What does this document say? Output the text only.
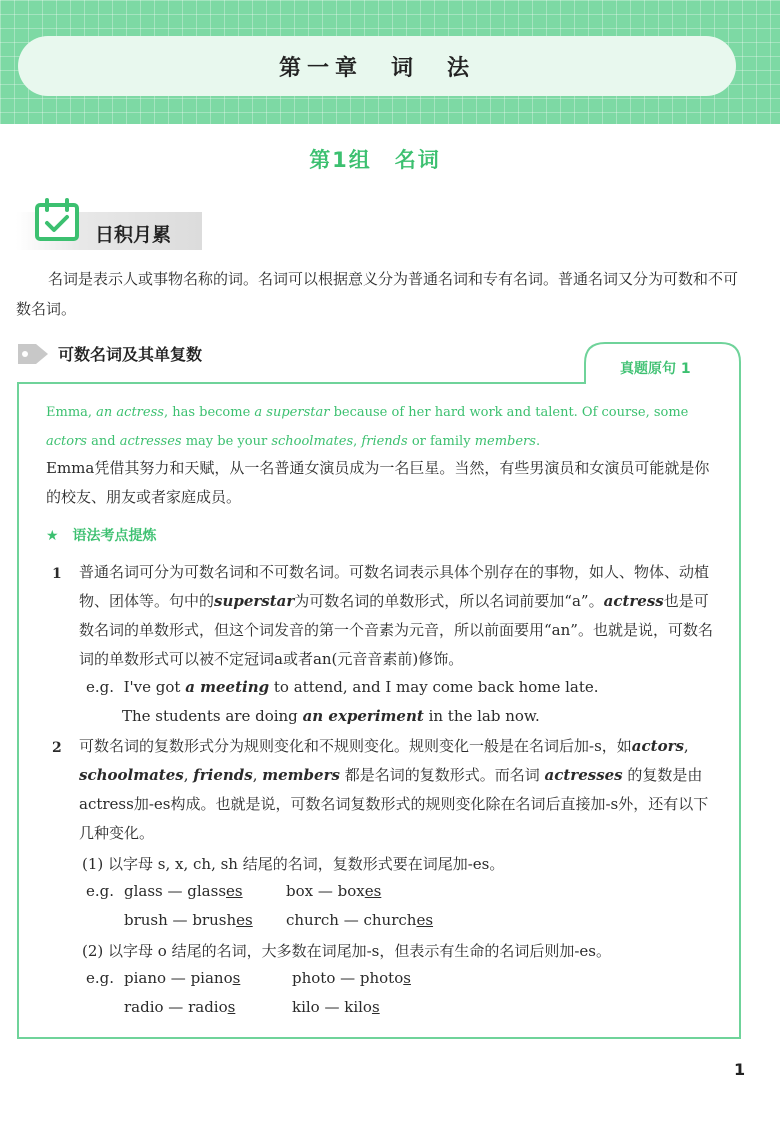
第一章　词　法
第1组　名词
日积月累
名词是表示人或事物名称的词。名词可以根据意义分为普通名词和专有名词。普通名词又分为可数和不可数名词。
可数名词及其单复数
真题原句 1
Emma, an actress, has become a superstar because of her hard work and talent. Of course, some actors and actresses may be your schoolmates, friends or family members.
Emma凭借其努力和天赋，从一名普通女演员成为一名巨星。当然，有些男演员和女演员可能就是你的校友、朋友或者家庭成员。
★　语法考点提炼
1 普通名词可分为可数名词和不可数名词。可数名词表示具体个别存在的事物，如人、物体、动植物、团体等。句中的superstar为可数名词的单数形式，所以名词前要加“a”。actress也是可数名词的单数形式，但这个词发音的第一个音素为元音，所以前面要用“an”。也就是说，可数名词的单数形式可以被不定冠词a或者an(元音音素前)修饰。
e.g. I've got a meeting to attend, and I may come back home late.
The students are doing an experiment in the lab now.
2 可数名词的复数形式分为规则变化和不规则变化。规则变化一般是在名词后加-s，如actors, schoolmates, friends, members 都是名词的复数形式。而名词 actresses 的复数是由actress加-es构成。也就是说，可数名词复数形式的规则变化除在名词后直接加-s外，还有以下几种变化。
(1) 以字母 s, x, ch, sh 结尾的名词，复数形式要在词尾加-es。
e.g. glass — glasses	box — boxes
brush — brushes church — churches
(2) 以字母 o 结尾的名词，大多数在词尾加-s，但表示有生命的名词后则加-es。
e.g. piano — pianos	photo — photos
radio — radios	kilo — kilos
1
